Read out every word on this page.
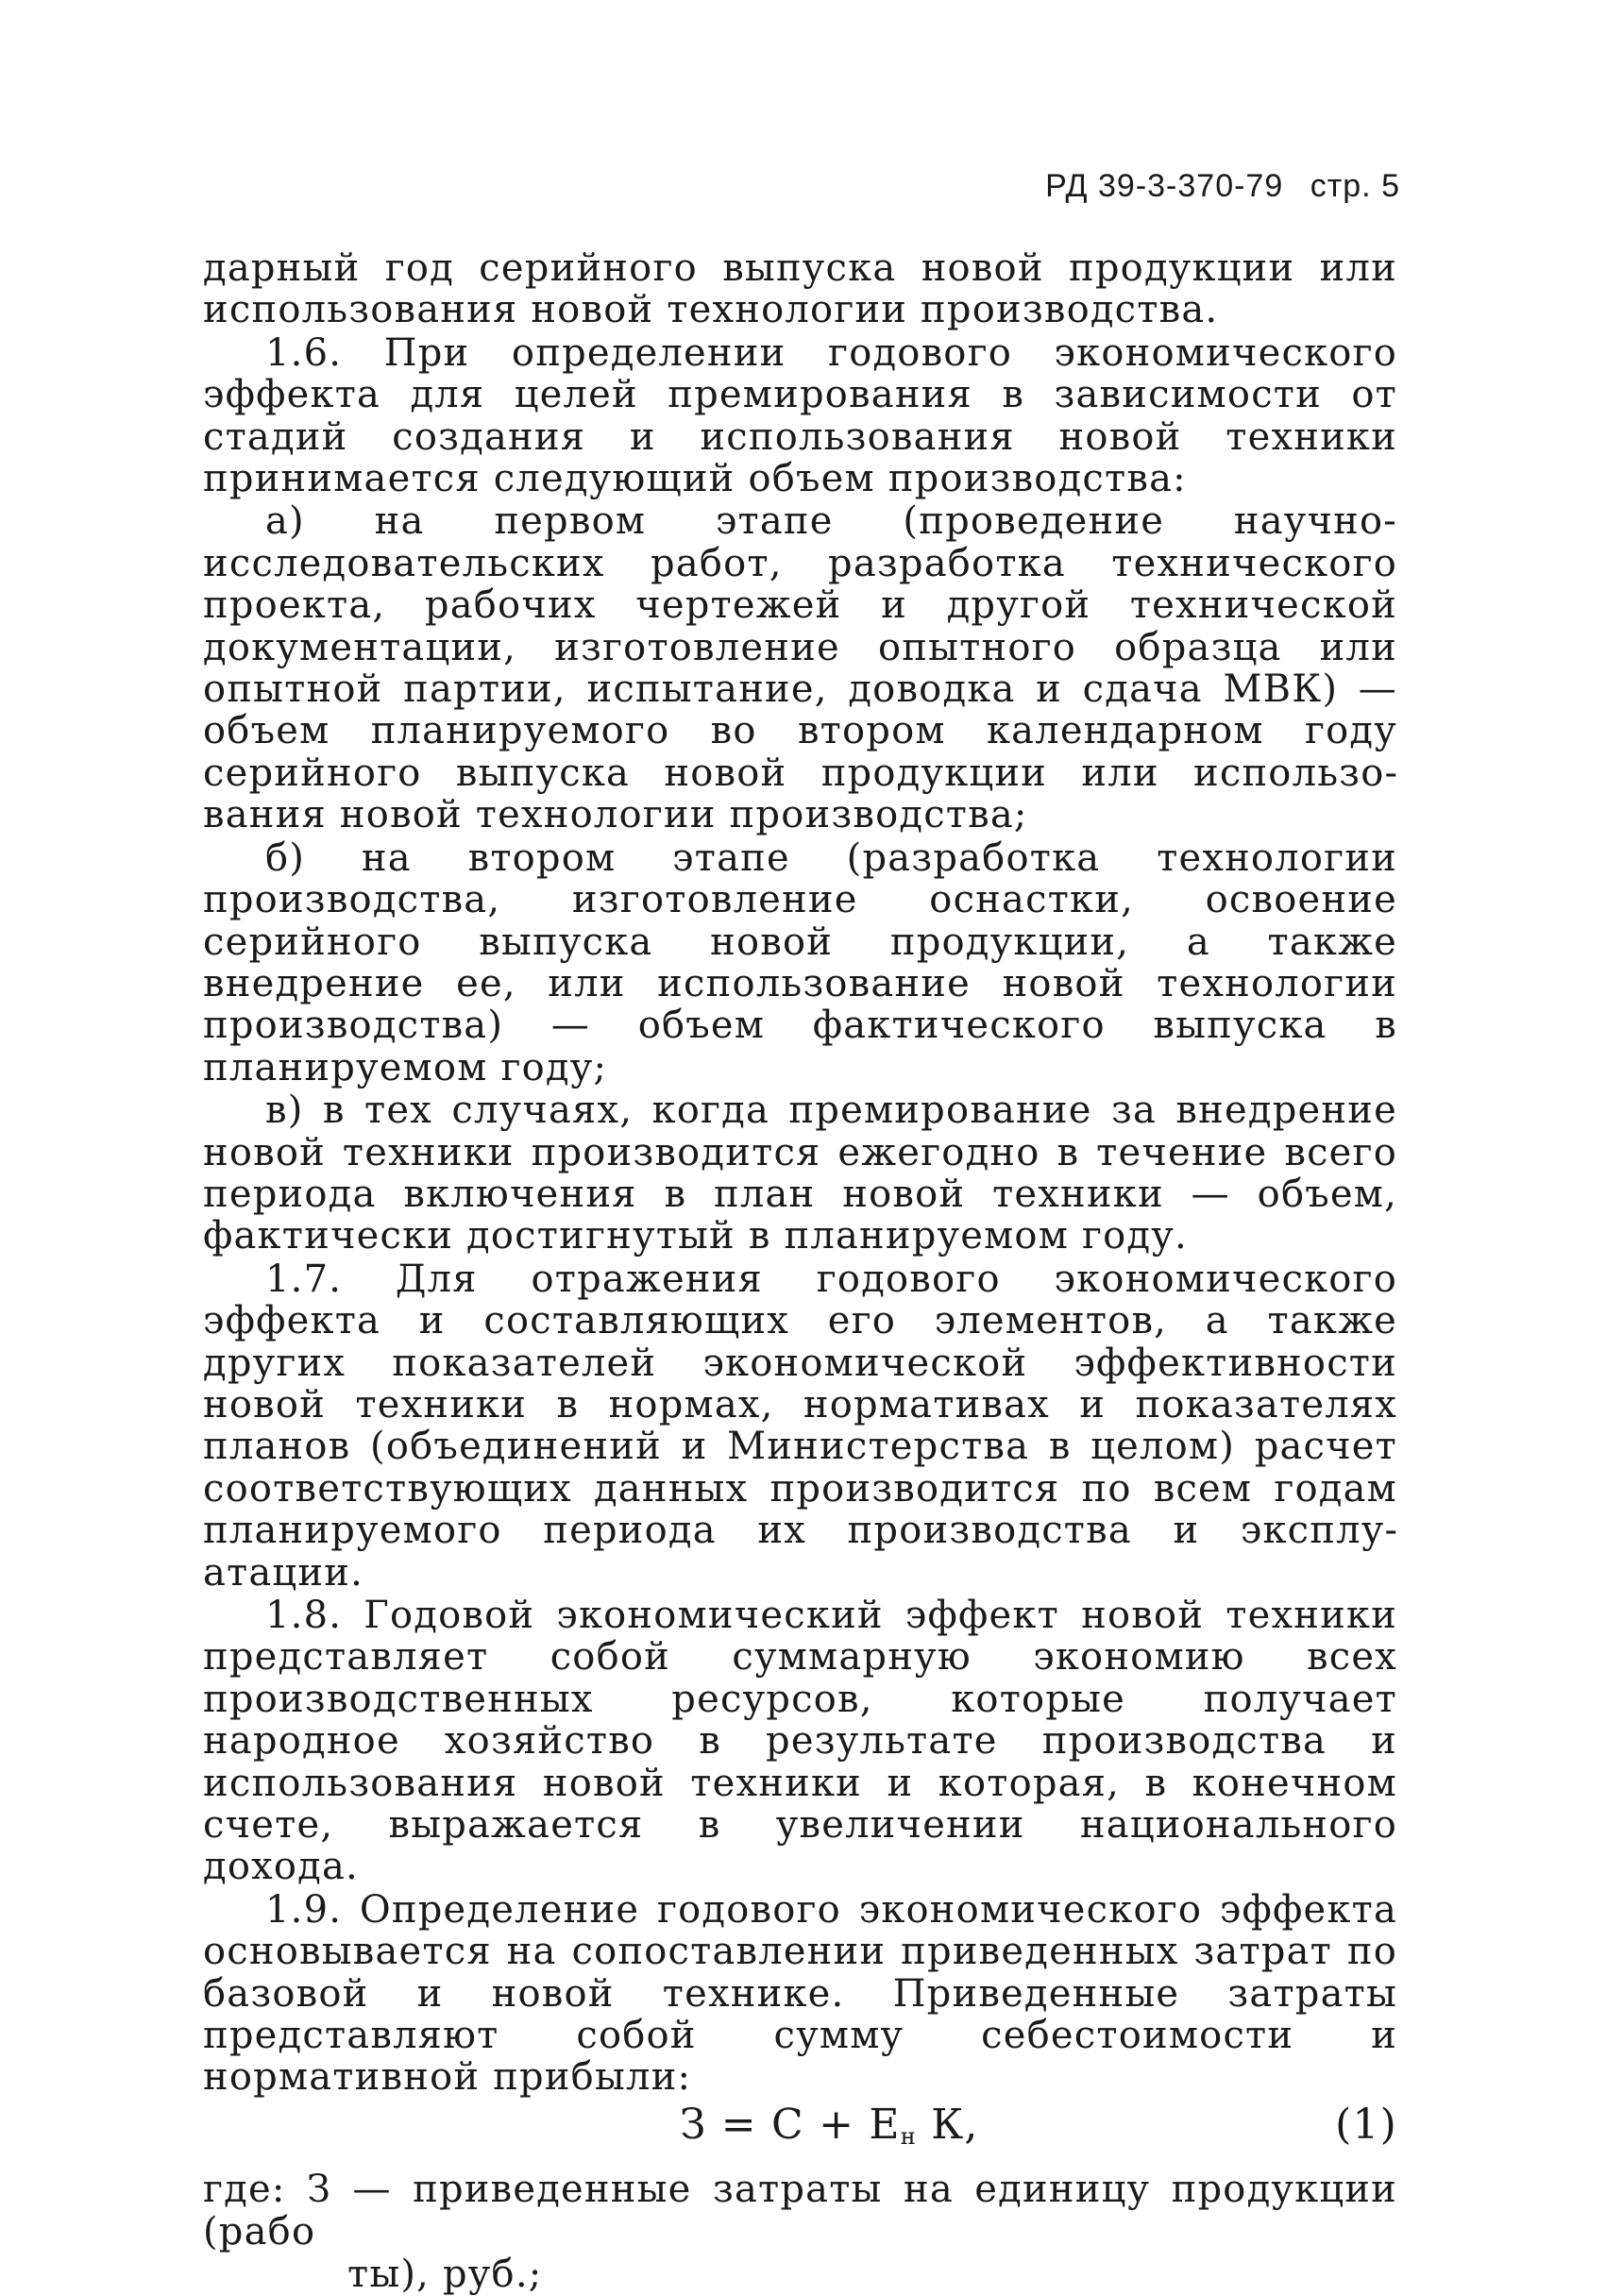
РД 39-3-370-79 стр. 5

дарный год серийного выпуска новой продукции или использования новой технологии производства.

1.6. При определении годового экономического эффекта для целей премирования в зависимости от стадий создания и использования новой техники принимается следующий объем производства:

а) на первом этапе (проведение научно-исследовательских работ, разработка технического проекта, рабочих чертежей и другой технической документации, изготовление опытного образца или опытной партии, испытание, доводка и сдача МВК) — объем планируемого во втором календарном году серийного выпуска новой продукции или использования новой технологии производства;

б) на втором этапе (разработка технологии производства, изготовление оснастки, освоение серийного выпуска новой продукции, а также внедрение ее, или использование новой технологии производства) — объем фактического выпуска в планируемом году;

в) в тех случаях, когда премирование за внедрение новой техники производится ежегодно в течение всего периода включения в план новой техники — объем, фактически достигнутый в планируемом году.

1.7. Для отражения годового экономического эффекта и составляющих его элементов, а также других показателей экономической эффективности новой техники в нормах, нормативах и показателях планов (объединений и Министерства в целом) расчет соответствующих данных производится по всем годам планируемого периода их производства и эксплуатации.

1.8. Годовой экономический эффект новой техники представляет собой суммарную экономию всех производственных ресурсов, которые получает народное хозяйство в результате производства и использования новой техники и которая, в конечном счете, выражается в увеличении национального дохода.

1.9. Определение годового экономического эффекта основывается на сопоставлении приведенных затрат по базовой и новой технике. Приведенные затраты представляют собой сумму себестоимости и нормативной прибыли:

$З = С + Е_н$ К,	(1)
где: З — приведенные затраты на единицу продукции (рабо
ты), руб.;
